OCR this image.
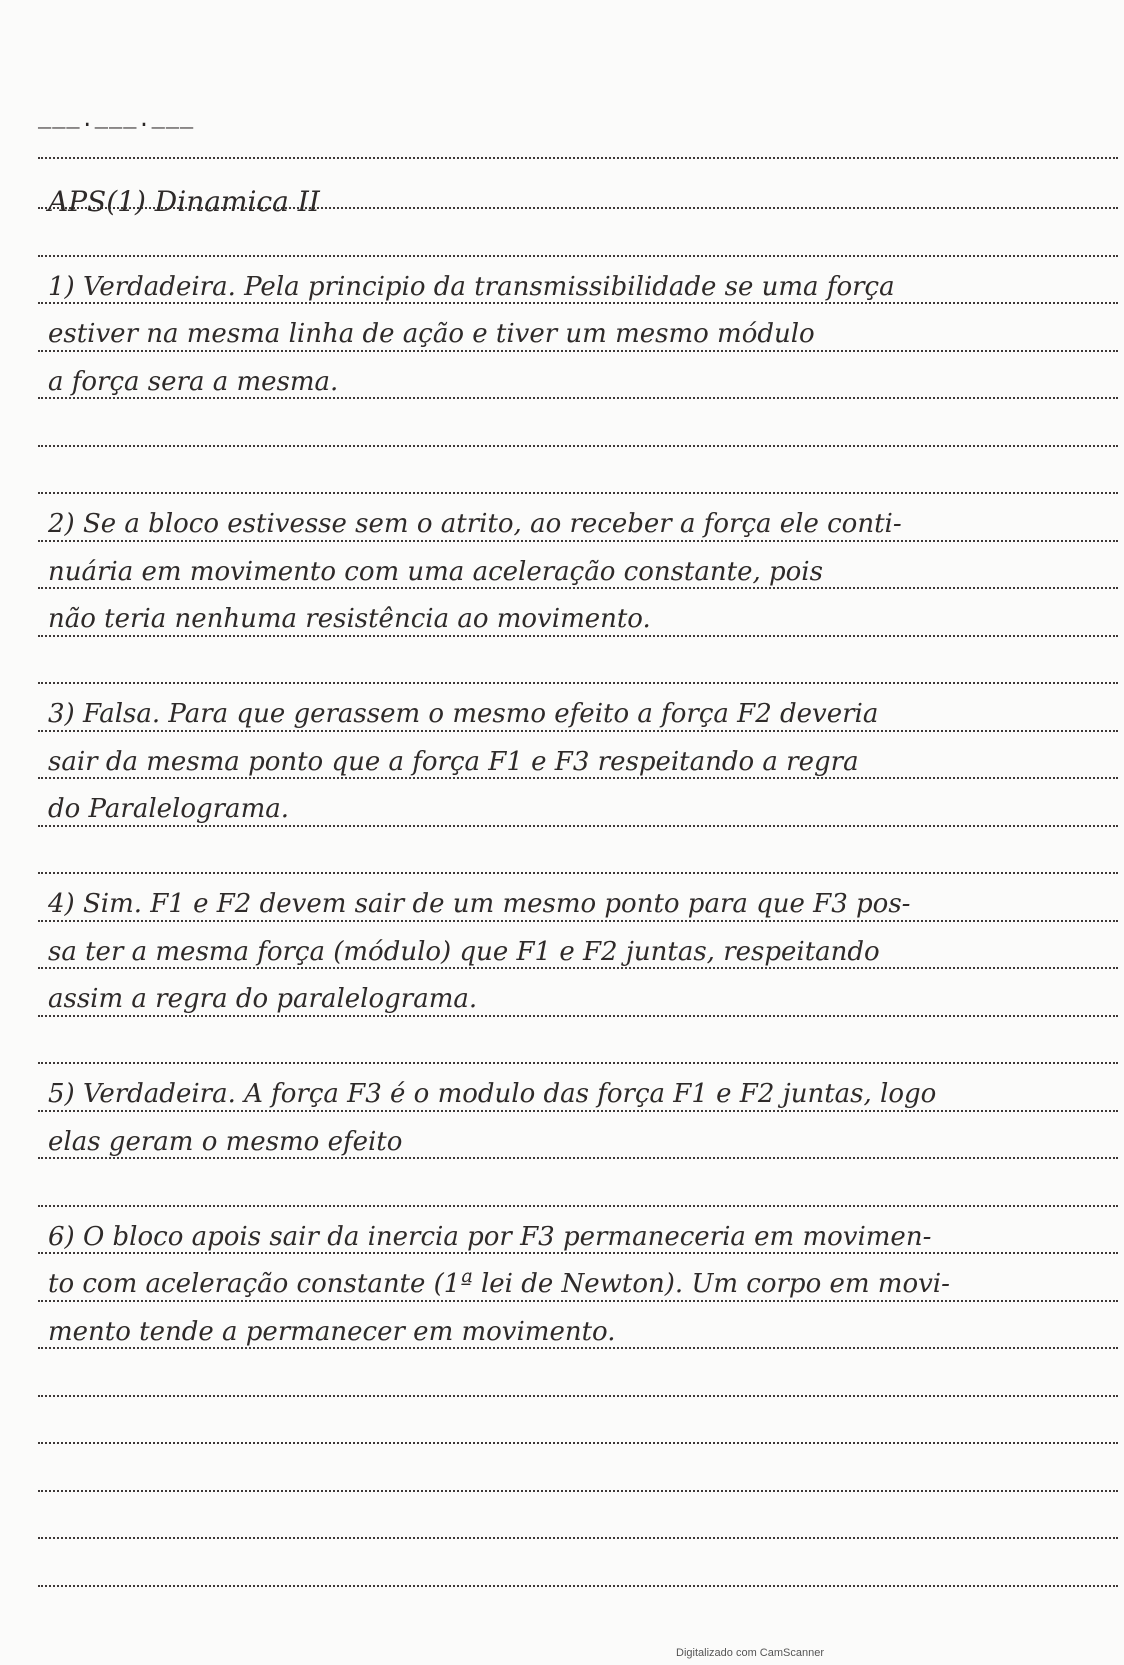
___.___.___
APS(1) Dinamica II
1) Verdadeira. Pela principio da transmissibilidade se uma força
estiver na mesma linha de ação e tiver um mesmo módulo
a força sera a mesma.
2) Se a bloco estivesse sem o atrito, ao receber a força ele conti-
nuária em movimento com uma aceleração constante, pois
não teria nenhuma resistência ao movimento.
3) Falsa. Para que gerassem o mesmo efeito a força F2 deveria
sair da mesma ponto que a força F1 e F3 respeitando a regra
do Paralelograma.
4) Sim. F1 e F2 devem sair de um mesmo ponto para que F3 pos-
sa ter a mesma força (módulo) que F1 e F2 juntas, respeitando
assim a regra do paralelograma.
5) Verdadeira. A força F3 é o modulo das força F1 e F2 juntas, logo
elas geram o mesmo efeito
6) O bloco apois sair da inercia por F3 permaneceria em movimen-
to com aceleração constante (1ª lei de Newton). Um corpo em movi-
mento tende a permanecer em movimento.
Digitalizado com CamScanner
